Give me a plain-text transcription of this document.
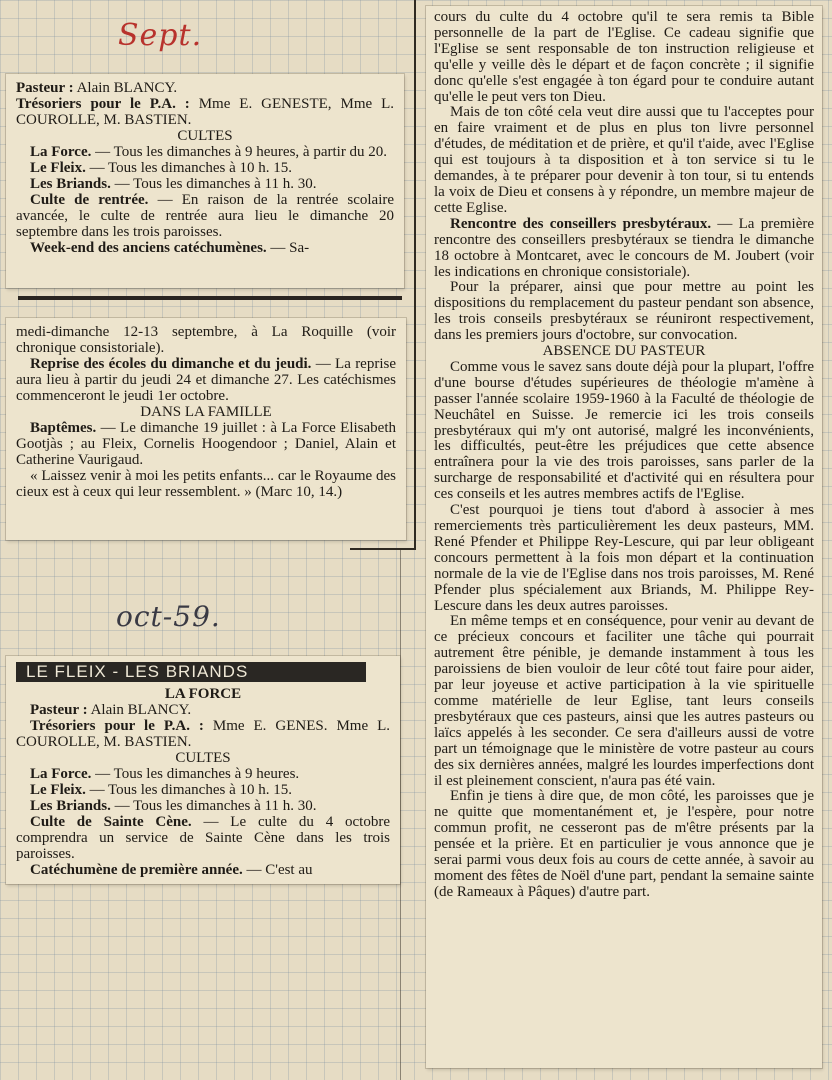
Sept.
oct-59.

Pasteur : Alain BLANCY.

Trésoriers pour le P.A. : Mme E. GENESTE, Mme L. COUROLLE, M. BASTIEN.

CULTES

La Force. — Tous les dimanches à 9 heures, à partir du 20.

Le Fleix. — Tous les dimanches à 10 h. 15.

Les Briands. — Tous les dimanches à 11 h. 30.

Culte de rentrée. — En raison de la rentrée scolaire avancée, le culte de rentrée aura lieu le dimanche 20 septembre dans les trois paroisses.

Week-end des anciens catéchumènes. — Sa-

medi-dimanche 12-13 septembre, à La Roquille (voir chronique consistoriale).

Reprise des écoles du dimanche et du jeudi. — La reprise aura lieu à partir du jeudi 24 et dimanche 27. Les catéchismes commenceront le jeudi 1er octobre.

DANS LA FAMILLE

Baptêmes. — Le dimanche 19 juillet : à La Force Elisabeth Gootjàs ; au Fleix, Cornelis Hoogendoor ; Daniel, Alain et Catherine Vaurigaud.

« Laissez venir à moi les petits enfants... car le Royaume des cieux est à ceux qui leur ressemblent. » (Marc 10, 14.)

LE FLEIX - LES BRIANDS

LA FORCE

Pasteur : Alain BLANCY.

Trésoriers pour le P.A. : Mme E. GENES. Mme L. COUROLLE, M. BASTIEN.

CULTES

La Force. — Tous les dimanches à 9 heures.

Le Fleix. — Tous les dimanches à 10 h. 15.

Les Briands. — Tous les dimanches à 11 h. 30.

Culte de Sainte Cène. — Le culte du 4 octobre comprendra un service de Sainte Cène dans les trois paroisses.

Catéchumène de première année. — C'est au

cours du culte du 4 octobre qu'il te sera remis ta Bible personnelle de la part de l'Eglise. Ce cadeau signifie que l'Eglise se sent responsable de ton instruction religieuse et qu'elle y veille dès le départ et de façon concrète ; il signifie donc qu'elle s'est engagée à ton égard pour te conduire autant qu'elle le peut vers ton Dieu.

Mais de ton côté cela veut dire aussi que tu l'acceptes pour en faire vraiment et de plus en plus ton livre personnel d'études, de méditation et de prière, et qu'il t'aide, avec l'Eglise qui est toujours à ta disposition et à ton service si tu le demandes, à te préparer pour devenir à ton tour, si tu entends la voix de Dieu et consens à y répondre, un membre majeur de cette Eglise.

Rencontre des conseillers presbytéraux. — La première rencontre des conseillers presbytéraux se tiendra le dimanche 18 octobre à Montcaret, avec le concours de M. Joubert (voir les indications en chronique consistoriale).

Pour la préparer, ainsi que pour mettre au point les dispositions du remplacement du pasteur pendant son absence, les trois conseils presbytéraux se réuniront respectivement, dans les premiers jours d'octobre, sur convocation.

ABSENCE DU PASTEUR

Comme vous le savez sans doute déjà pour la plupart, l'offre d'une bourse d'études supérieures de théologie m'amène à passer l'année scolaire 1959-1960 à la Faculté de théologie de Neuchâtel en Suisse. Je remercie ici les trois conseils presbytéraux qui m'y ont autorisé, malgré les inconvénients, les difficultés, peut-être les préjudices que cette absence entraînera pour la vie des trois paroisses, sans parler de la surcharge de responsabilité et d'activité qui en résultera pour ces conseils et les autres membres actifs de l'Eglise.

C'est pourquoi je tiens tout d'abord à associer à mes remerciements très particulièrement les deux pasteurs, MM. René Pfender et Philippe Rey-Lescure, qui par leur obligeant concours permettent à la fois mon départ et la continuation normale de la vie de l'Eglise dans nos trois paroisses, M. René Pfender plus spécialement aux Briands, M. Philippe Rey-Lescure dans les deux autres paroisses.

En même temps et en conséquence, pour venir au devant de ce précieux concours et faciliter une tâche qui pourrait autrement être pénible, je demande instamment à tous les paroissiens de bien vouloir de leur côté tout faire pour aider, par leur joyeuse et active participation à la vie spirituelle comme matérielle de leur Eglise, tant leurs conseils presbytéraux que ces pasteurs, ainsi que les autres pasteurs ou laïcs appelés à les seconder. Ce sera d'ailleurs aussi de votre part un témoignage que le ministère de votre pasteur au cours des six dernières années, malgré les lourdes imperfections dont il est pleinement conscient, n'aura pas été vain.

Enfin je tiens à dire que, de mon côté, les paroisses que je ne quitte que momentanément et, je l'espère, pour notre commun profit, ne cesseront pas de m'être présents par la pensée et la prière. Et en particulier je vous annonce que je serai parmi vous deux fois au cours de cette année, à savoir au moment des fêtes de Noël d'une part, pendant la semaine sainte (de Rameaux à Pâques) d'autre part.
